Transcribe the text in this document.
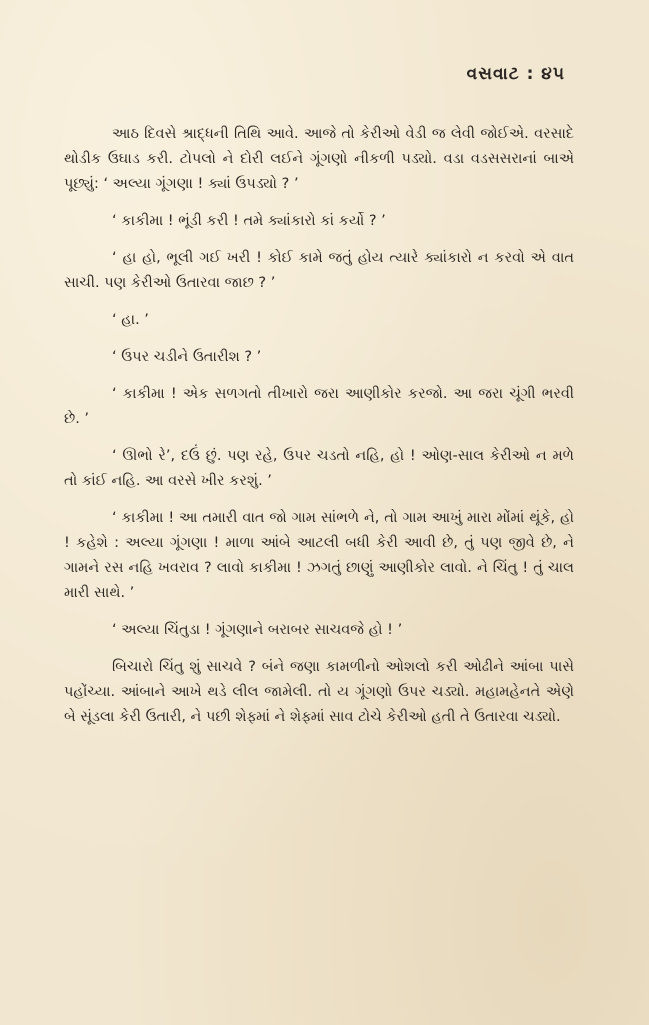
વસવાટ : ૪૫

આઠ દિવસે શ્રાદ્ધની તિથિ આવે. આજે તો કેરીઓ વેડી જ લેવી જોઈએ. વરસાદે થોડીક ઉઘાડ કરી. ટોપલો ને દોરી લઈને ગૂંગણો નીકળી પડ્યો. વડા વડસસરાનાં બાએ પૂછ્યું: ‘ અલ્યા ગૂંગણા ! ક્યાં ઉપડ્યો ? ’

‘ કાકીમા ! ભૂંડી કરી ! તમે ક્યાંકારો કાં કર્યો ? ’

‘ હા હો, ભૂલી ગઈ ખરી ! કોઈ કામે જતું હોય ત્યારે ક્યાંકારો ન કરવો એ વાત સાચી. પણ કેરીઓ ઉતારવા જાછ ? ’

‘ હા. ’

‘ ઉપર ચડીને ઉતારીશ ? ’

‘ કાકીમા ! એક સળગતો તીખારો જરા આણીકોર કરજો. આ જરા ચૂંગી ભરવી છે. ’

‘ ઊભો રે’, દઉં છું. પણ રહે, ઉપર ચડતો નહિ, હો ! ઓણ-સાલ કેરીઓ ન મળે તો કાંઈ નહિ. આ વરસે ખીર કરશું. ’

‘ કાકીમા ! આ તમારી વાત જો ગામ સાંભળે ને, તો ગામ આખું મારા મોંમાં થૂંકે, હો ! કહેશે : અલ્યા ગૂંગણા ! માળા આંબે આટલી બધી કેરી આવી છે, તું પણ જીવે છે, ને ગામને રસ નહિ ખવરાવ ? લાવો કાકીમા ! ઝગતું છાણું આણીકોર લાવો. ને ચિંતુ ! તું ચાલ મારી સાથે. ’

‘ અલ્યા ચિંતુડા ! ગૂંગણાને બરાબર સાચવજે હો ! ’

બિચારો ચિંતુ શું સાચવે ? બંને જણા કામળીનો ઓશલો કરી ઓઢીને આંબા પાસે પહોંચ્યા. આંબાને આખે થડે લીલ જામેલી. તો ય ગૂંગણો ઉપર ચડ્યો. મહામહેનતે એણે બે સૂંડલા કેરી ઉતારી, ને પછી શેફ્માં ને શેફ્માં સાવ ટોચે કેરીઓ હતી તે ઉતારવા ચડ્યો.
